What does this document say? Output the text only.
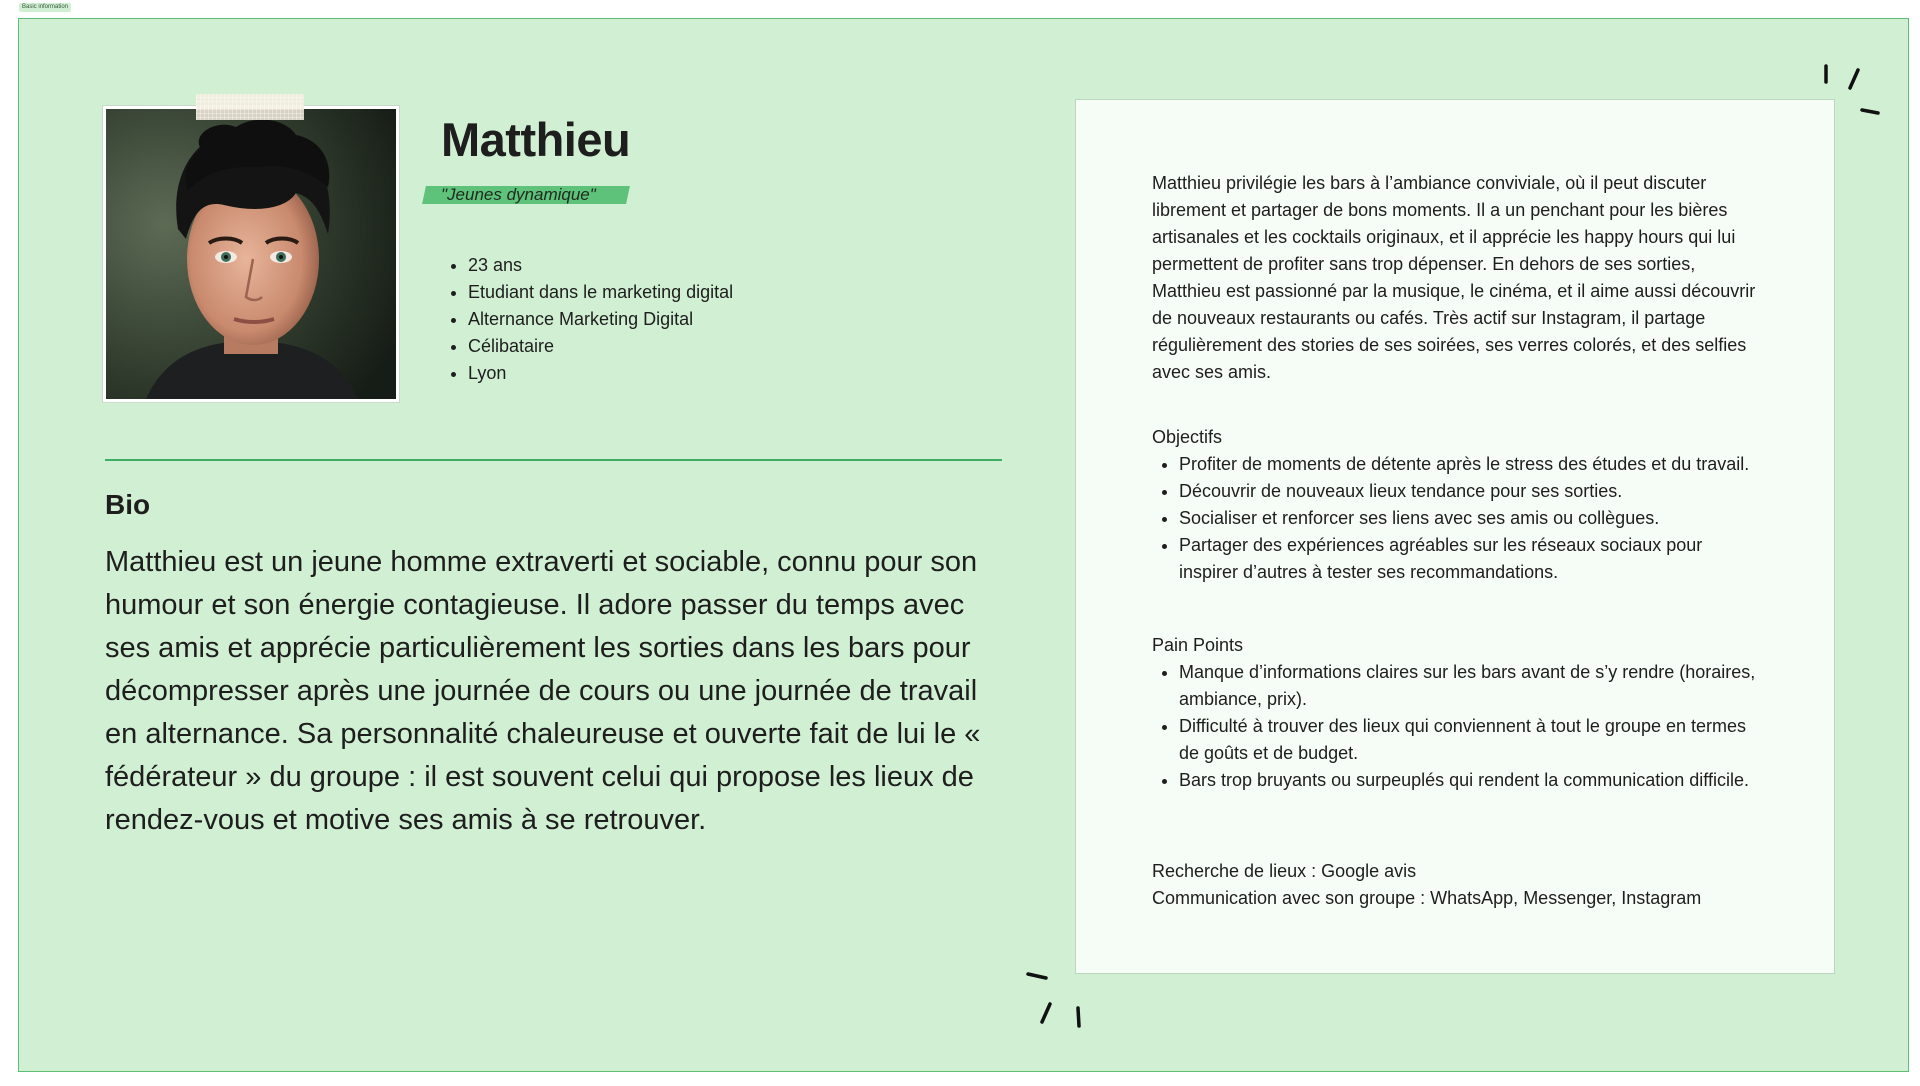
Basic information
Matthieu
"Jeunes dynamique"
• 23 ans
• Etudiant dans le marketing digital
• Alternance Marketing Digital
• Célibataire
• Lyon
Bio

Matthieu est un jeune homme extraverti et sociable, connu pour son humour et son énergie contagieuse. Il adore passer du temps avec ses amis et apprécie particulièrement les sorties dans les bars pour décompresser après une journée de cours ou une journée de travail en alternance. Sa personnalité chaleureuse et ouverte fait de lui le « fédérateur » du groupe : il est souvent celui qui propose les lieux de rendez-vous et motive ses amis à se retrouver.

Matthieu privilégie les bars à l’ambiance conviviale, où il peut discuter librement et partager de bons moments. Il a un penchant pour les bières artisanales et les cocktails originaux, et il apprécie les happy hours qui lui permettent de profiter sans trop dépenser. En dehors de ses sorties, Matthieu est passionné par la musique, le cinéma, et il aime aussi découvrir de nouveaux restaurants ou cafés. Très actif sur Instagram, il partage régulièrement des stories de ses soirées, ses verres colorés, et des selfies avec ses amis.

Objectifs

• Profiter de moments de détente après le stress des études et du travail.
• Découvrir de nouveaux lieux tendance pour ses sorties.
• Socialiser et renforcer ses liens avec ses amis ou collègues.
• Partager des expériences agréables sur les réseaux sociaux pour inspirer d’autres à tester ses recommandations.

Pain Points

• Manque d’informations claires sur les bars avant de s’y rendre (horaires, ambiance, prix).
• Difficulté à trouver des lieux qui conviennent à tout le groupe en termes de goûts et de budget.
• Bars trop bruyants ou surpeuplés qui rendent la communication difficile.

Recherche de lieux : Google avis

Communication avec son groupe : WhatsApp, Messenger, Instagram
